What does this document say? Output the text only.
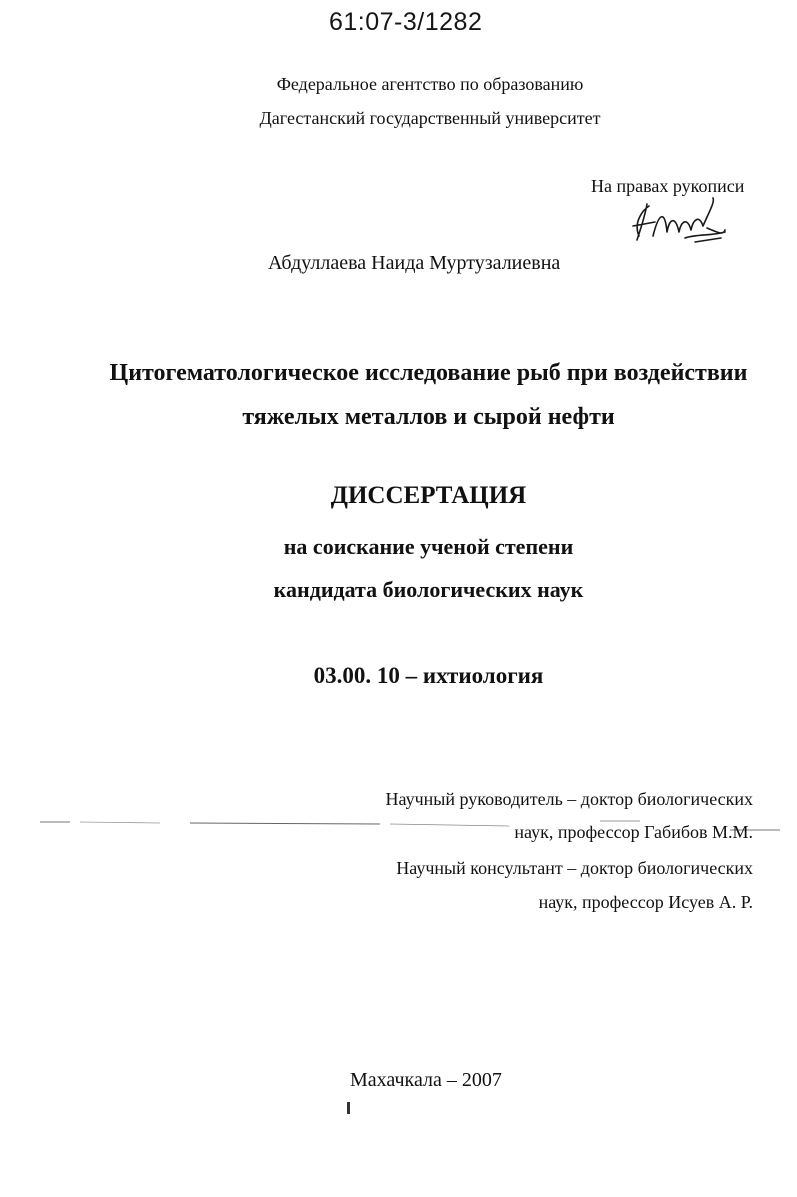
61:07-3/1282
Федеральное агентство по образованию
Дагестанский государственный университет
На правах рукописи
Абдуллаева Наида Муртузалиевна
Цитогематологическое исследование рыб при воздействии
тяжелых металлов и сырой нефти
ДИССЕРТАЦИЯ
на соискание ученой степени
кандидата биологических наук
03.00. 10 – ихтиология
Научный руководитель – доктор биологических
наук, профессор Габибов М.М.
Научный консультант – доктор биологических
наук, профессор Исуев А. Р.
Махачкала – 2007
